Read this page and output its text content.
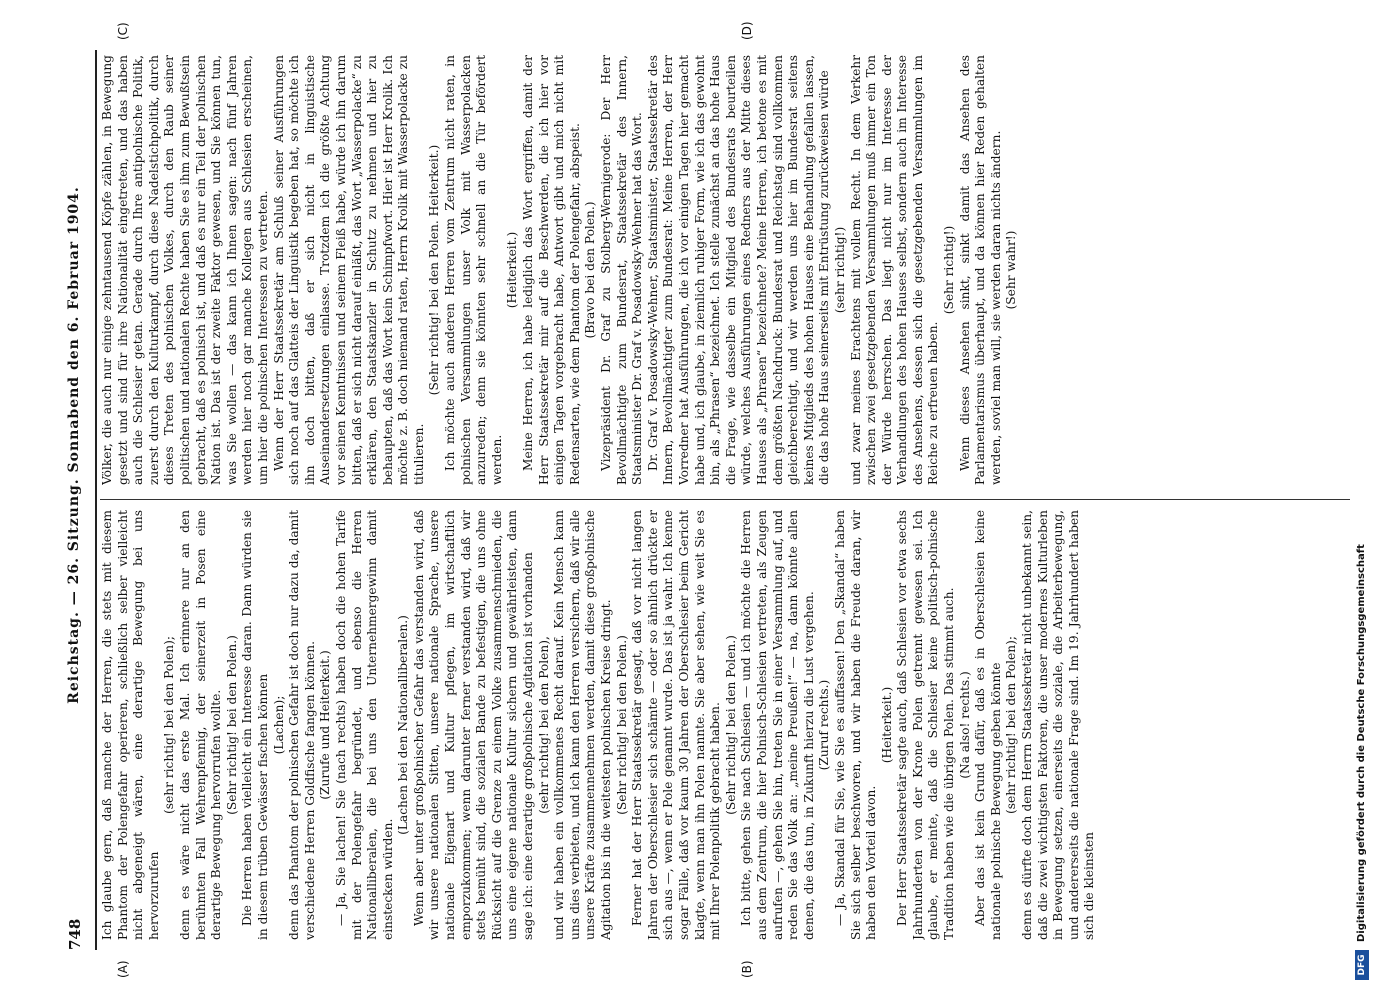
748
Reichstag. — 26. Sitzung. Sonnabend den 6. Februar 1904.
(A)	(B)
(C)	(D)

Ich glaube gern, daß manche der Herren, die stets mit diesem Phantom der Polengefahr operieren, schließlich selber vielleicht nicht abgeneigt wären, eine derartige Bewegung bei uns hervorzurufen

(sehr richtig! bei den Polen); denn es wäre nicht das erste Mal. Ich erinnere nur an den berühmten Fall Wehrenpfennig, der seinerzeit in Posen eine derartige Bewegung hervorrufen wollte. (Sehr richtig! bei den Polen.) Die Herren haben vielleicht ein Interesse daran. Dann würden sie in diesem trüben Gewässer fischen können (Lachen); denn das Phantom der polnischen Gefahr ist doch nur dazu da, damit verschiedene Herren Goldfische fangen können. (Zurufe und Heiterkeit.) — Ja, Sie lachen! Sie (nach rechts) haben doch die hohen Tarife mit der Polengefahr begründet, und ebenso die Herren Nationalliberalen, die bei uns den Unternehmergewinn damit einstecken würden.

(Lachen bei den Nationalliberalen.) Wenn aber unter großpolnischer Gefahr das verstanden wird, daß wir unsere nationalen Sitten, unsere nationale Sprache, unsere nationale Eigenart und Kultur pflegen, im wirtschaftlich emporzukommen; wenn darunter ferner verstanden wird, daß wir stets bemüht sind, die sozialen Bande zu befestigen, die uns ohne Rücksicht auf die Grenze zu einem Volke zusammenschmieden, die uns eine eigene nationale Kultur sichern und gewährleisten, dann sage ich: eine derartige großpolnische Agitation ist vorhanden (sehr richtig! bei den Polen), und wir haben ein vollkommenes Recht darauf. Kein Mensch kann uns dies verbieten, und ich kann den Herren versichern, daß wir alle unsere Kräfte zusammennehmen werden, damit diese großpolnische Agitation bis in die weitesten polnischen Kreise dringt. (Sehr richtig! bei den Polen.) Ferner hat der Herr Staatssekretär gesagt, daß vor nicht langen Jahren der Oberschlesier sich schämte — oder so ähnlich drückte er sich aus —, wenn er Pole genannt wurde. Das ist ja wahr. Ich kenne sogar Fälle, daß vor kaum 30 Jahren der Oberschlesier beim Gericht klagte, wenn man ihn Polen nannte. Sie aber sehen, wie weit Sie es mit Ihrer Polenpolitik gebracht haben. (Sehr richtig! bei den Polen.) Ich bitte, gehen Sie nach Schlesien — und ich möchte die Herren aus dem Zentrum, die hier Polnisch-Schlesien vertreten, als Zeugen aufrufen —, gehen Sie hin, treten Sie in einer Versammlung auf, und reden Sie das Volk an: „meine Preußen!“ — na, dann könnte allen denen, die das tun, in Zukunft hierzu die Lust vergehen. (Zuruf rechts.) — Ja, Skandal für Sie, wie Sie es auffassen! Den „Skandal“ haben Sie sich selber beschworen, und wir haben die Freude daran, wir haben den Vorteil davon.

(Heiterkeit.) Der Herr Staatssekretär sagte auch, daß Schlesien vor etwa sechs Jahrhunderten von der Krone Polen getrennt gewesen sei. Ich glaube, er meinte, daß die Schlesier keine politisch-polnische Tradition haben wie die übrigen Polen. Das stimmt auch. (Na also! rechts.) Aber das ist kein Grund dafür, daß es in Oberschlesien keine nationale polnische Bewegung geben könnte (sehr richtig! bei den Polen); denn es dürfte doch dem Herrn Staatssekretär nicht unbekannt sein, daß die zwei wichtigsten Faktoren, die unser modernes Kulturleben in Bewegung setzen, einerseits die soziale, die Arbeiterbewegung, und andererseits die nationale Frage sind. Im 19. Jahrhundert haben sich die kleinsten

Völker, die auch nur einige zehntausend Köpfe zählen, in Bewegung gesetzt und sind für ihre Nationalität eingetreten, und das haben auch die Schlesier getan. Gerade durch Ihre antipolnische Politik, zuerst durch den Kulturkampf, durch diese Nadelstichpolitik, durch dieses Treten des polnischen Volkes, durch den Raub seiner politischen und nationalen Rechte haben Sie es ihm zum Bewußtsein gebracht, daß es polnisch ist, und daß es nur ein Teil der polnischen Nation ist. Das ist der zweite Faktor gewesen, und Sie können tun, was Sie wollen — das kann ich Ihnen sagen: nach fünf Jahren werden hier noch gar manche Kollegen aus Schlesien erscheinen, um hier die polnischen Interessen zu vertreten. Wenn der Herr Staatssekretär am Schluß seiner Ausführungen sich noch auf das Glatteis der Linguistik begeben hat, so möchte ich ihn doch bitten, daß er sich nicht in linguistische Auseinandersetzungen einlasse. Trotzdem ich die größte Achtung vor seinen Kenntnissen und seinem Fleiß habe, würde ich ihn darum bitten, daß er sich nicht darauf einläßt, das Wort „Wasserpolacke“ zu erklären, den Staatskanzler in Schutz zu nehmen und hier zu behaupten, daß das Wort kein Schimpfwort. Hier ist Herr Krolik. Ich möchte z. B. doch niemand raten, Herrn Krolik mit Wasserpolacke zu titulieren.

(Sehr richtig! bei den Polen. Heiterkeit.) Ich möchte auch anderen Herren vom Zentrum nicht raten, in polnischen Versammlungen unser Volk mit Wasserpolacken anzureden; denn sie könnten sehr schnell an die Tür befördert werden.

(Heiterkeit.) Meine Herren, ich habe lediglich das Wort ergriffen, damit der Herr Staatssekretär mir auf die Beschwerden, die ich hier vor einigen Tagen vorgebracht habe, Antwort gibt und mich nicht mit Redensarten, wie dem Phantom der Polengefahr, abspeist. (Bravo bei den Polen.) Vizepräsident Dr. Graf zu Stolberg-Wernigerode: Der Herr Bevollmächtigte zum Bundesrat, Staatssekretär des Innern, Staatsminister Dr. Graf v. Posadowsky-Wehner hat das Wort. Dr. Graf v. Posadowsky-Wehner, Staatsminister, Staatssekretär des Innern, Bevollmächtigter zum Bundesrat: Meine Herren, der Herr Vorredner hat Ausführungen, die ich vor einigen Tagen hier gemacht habe und, ich glaube, in ziemlich ruhiger Form, wie ich das gewohnt bin, als „Phrasen“ bezeichnet. Ich stelle zunächst an das hohe Haus die Frage, wie dasselbe ein Mitglied des Bundesrats beurteilen würde, welches Ausführungen eines Redners aus der Mitte dieses Hauses als „Phrasen“ bezeichnete? Meine Herren, ich betone es mit dem größten Nachdruck: Bundesrat und Reichstag sind vollkommen gleichberechtigt, und wir werden uns hier im Bundesrat seitens keines Mitglieds des hohen Hauses eine Behandlung gefallen lassen, die das hohe Haus seinerseits mit Entrüstung zurückweisen würde (sehr richtig!) und zwar meines Erachtens mit vollem Recht. In dem Verkehr zwischen zwei gesetzgebenden Versammlungen muß immer ein Ton der Würde herrschen. Das liegt nicht nur im Interesse der Verhandlungen des hohen Hauses selbst, sondern auch im Interesse des Ansehens, dessen sich die gesetzgebenden Versammlungen im Reiche zu erfreuen haben.

(Sehr richtig!) Wenn dieses Ansehen sinkt, sinkt damit das Ansehen des Parlamentarismus überhaupt, und da können hier Reden gehalten werden, soviel man will, sie werden daran nichts ändern. (Sehr wahr!)

DFG
Digitalisierung gefördert durch die Deutsche Forschungsgemeinschaft
